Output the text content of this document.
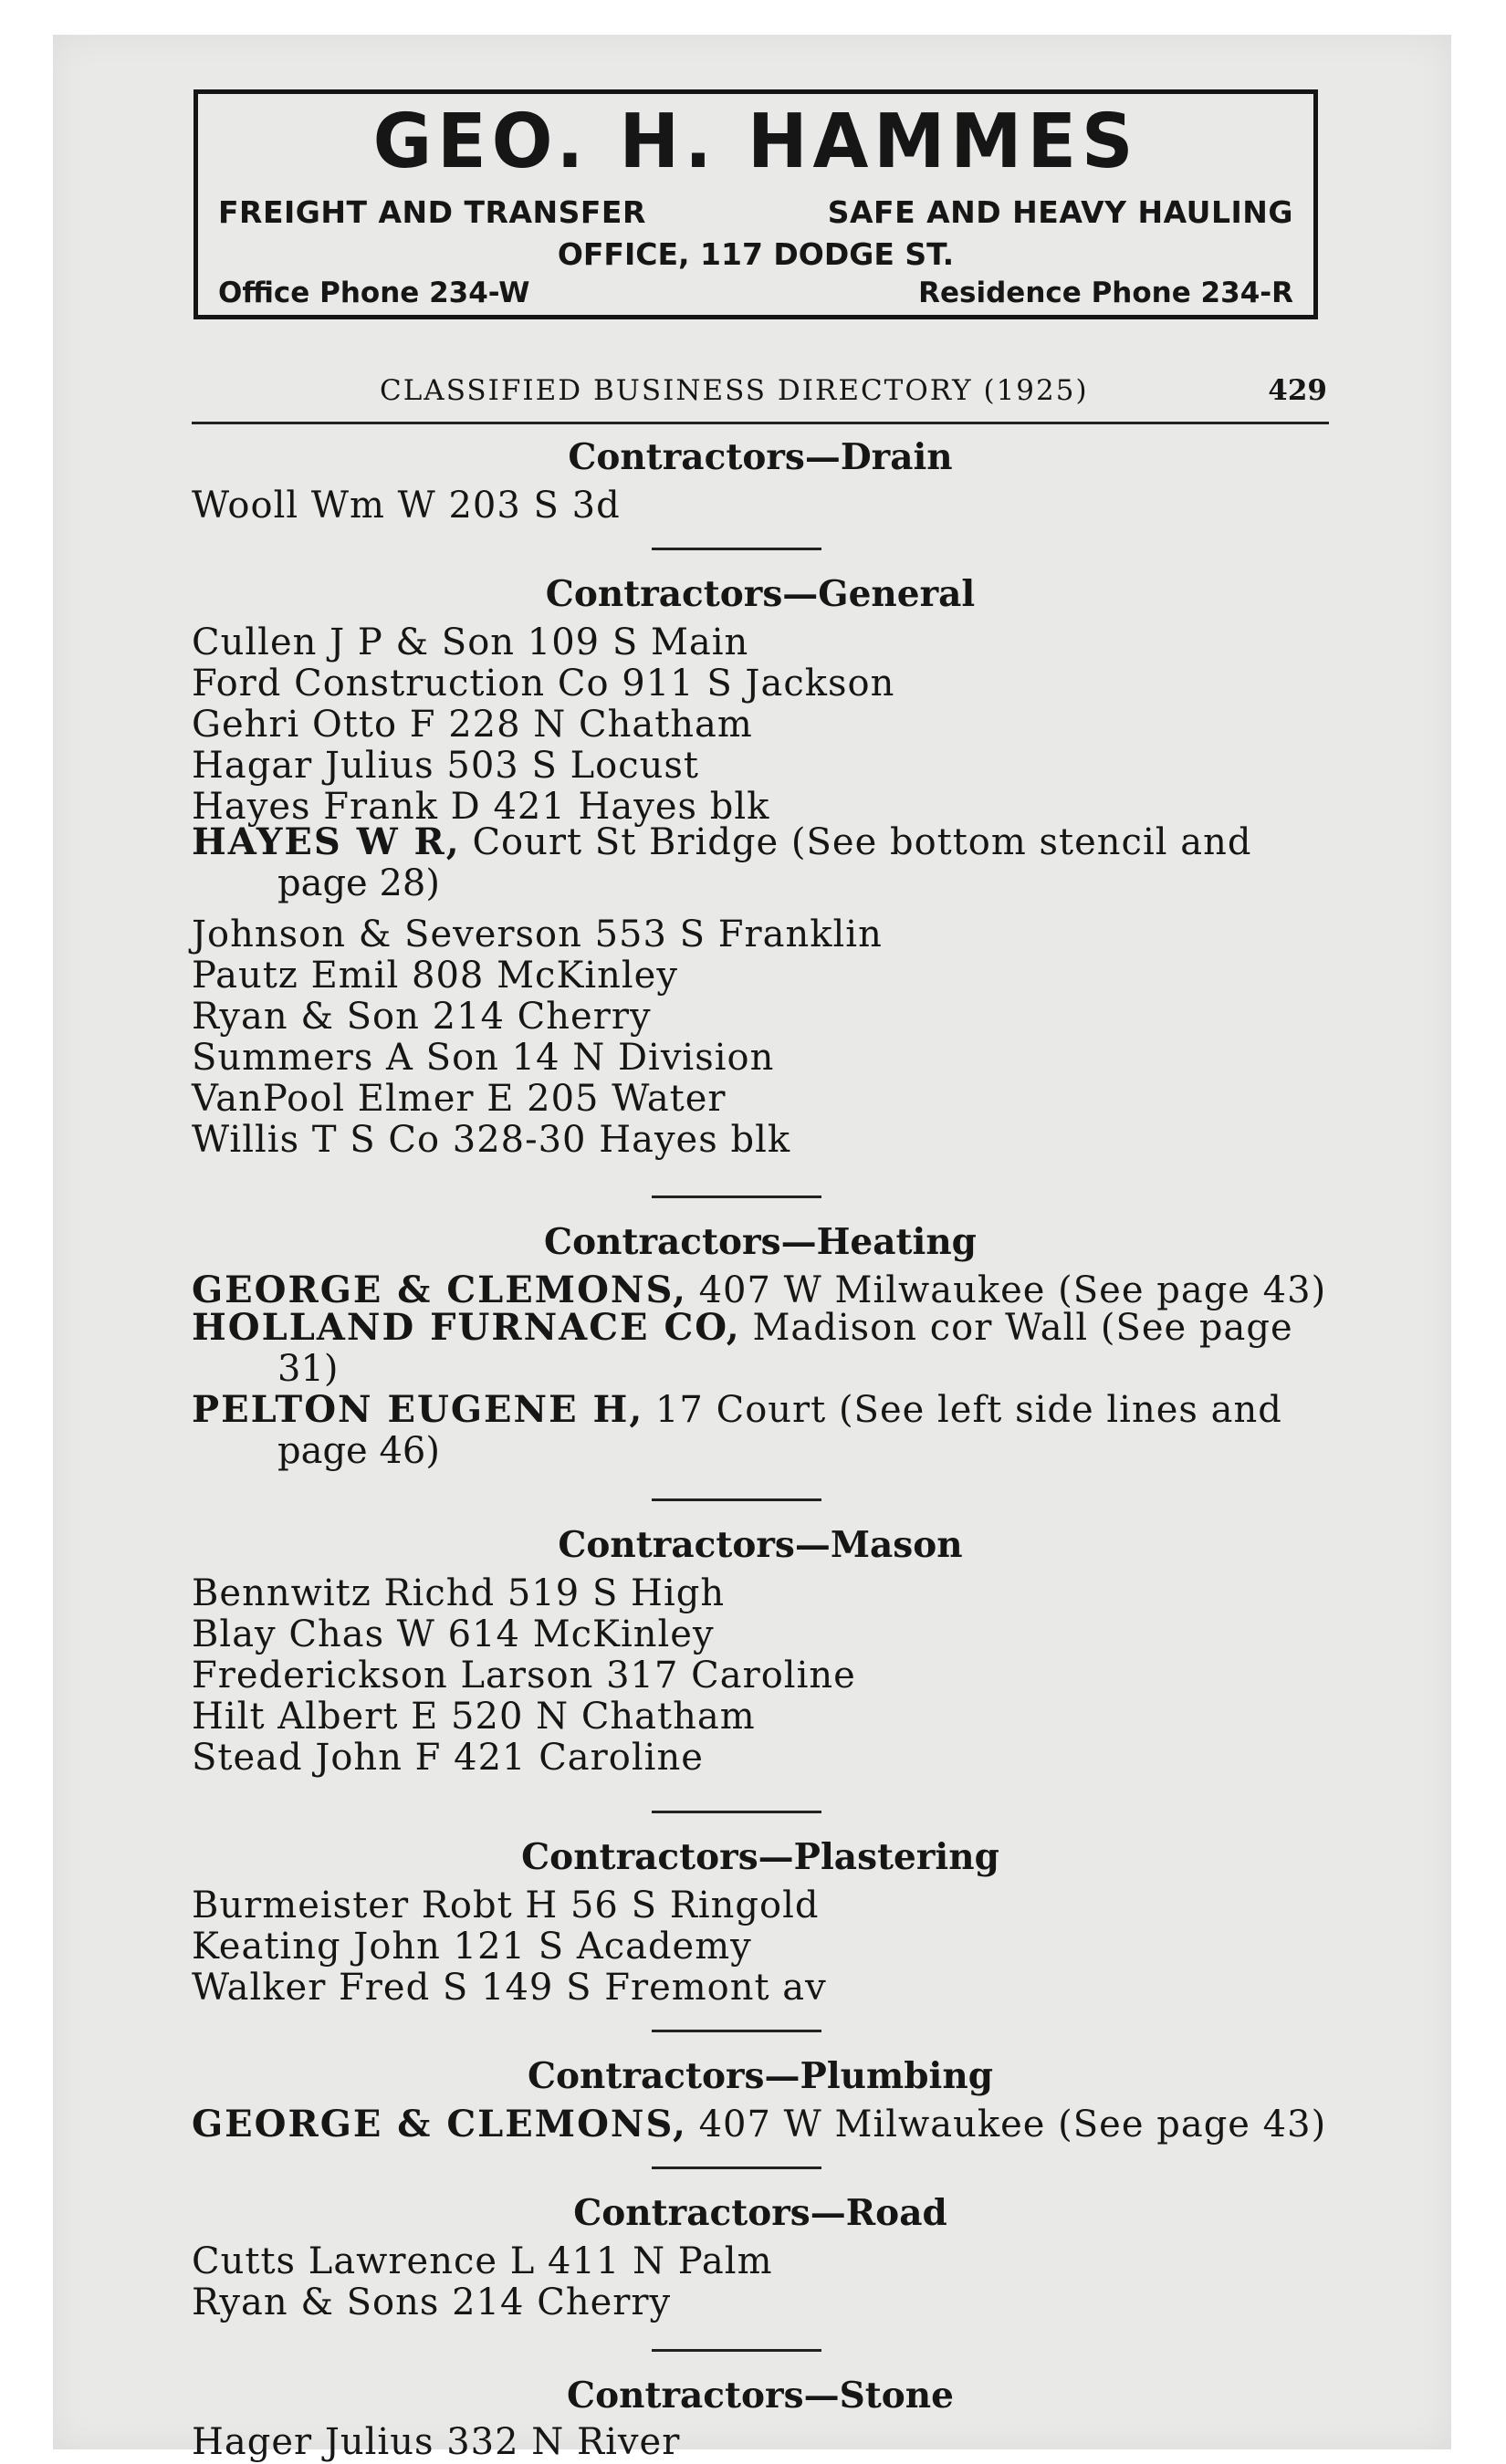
GEO. H. HAMMES
FREIGHT AND TRANSFER	SAFE AND HEAVY HAULING
OFFICE, 117 DODGE ST.
Office Phone 234-W	Residence Phone 234-R
CLASSIFIED BUSINESS DIRECTORY (1925)	429
Contractors—Drain
Wooll Wm W 203 S 3d
Contractors—General
Cullen J P & Son 109 S Main
Ford Construction Co 911 S Jackson
Gehri Otto F 228 N Chatham
Hagar Julius 503 S Locust
Hayes Frank D 421 Hayes blk
HAYES W R, Court St Bridge (See bottom stencil and
page 28)
Johnson & Severson 553 S Franklin
Pautz Emil 808 McKinley
Ryan & Son 214 Cherry
Summers A Son 14 N Division
VanPool Elmer E 205 Water
Willis T S Co 328-30 Hayes blk
Contractors—Heating
GEORGE & CLEMONS, 407 W Milwaukee (See page 43)
HOLLAND FURNACE CO, Madison cor Wall (See page
31)
PELTON EUGENE H, 17 Court (See left side lines and
page 46)
Contractors—Mason
Bennwitz Richd 519 S High
Blay Chas W 614 McKinley
Frederickson Larson 317 Caroline
Hilt Albert E 520 N Chatham
Stead John F 421 Caroline
Contractors—Plastering
Burmeister Robt H 56 S Ringold
Keating John 121 S Academy
Walker Fred S 149 S Fremont av
Contractors—Plumbing
GEORGE & CLEMONS, 407 W Milwaukee (See page 43)
Contractors—Road
Cutts Lawrence L 411 N Palm
Ryan & Sons 214 Cherry
Contractors—Stone
Hager Julius 332 N River
